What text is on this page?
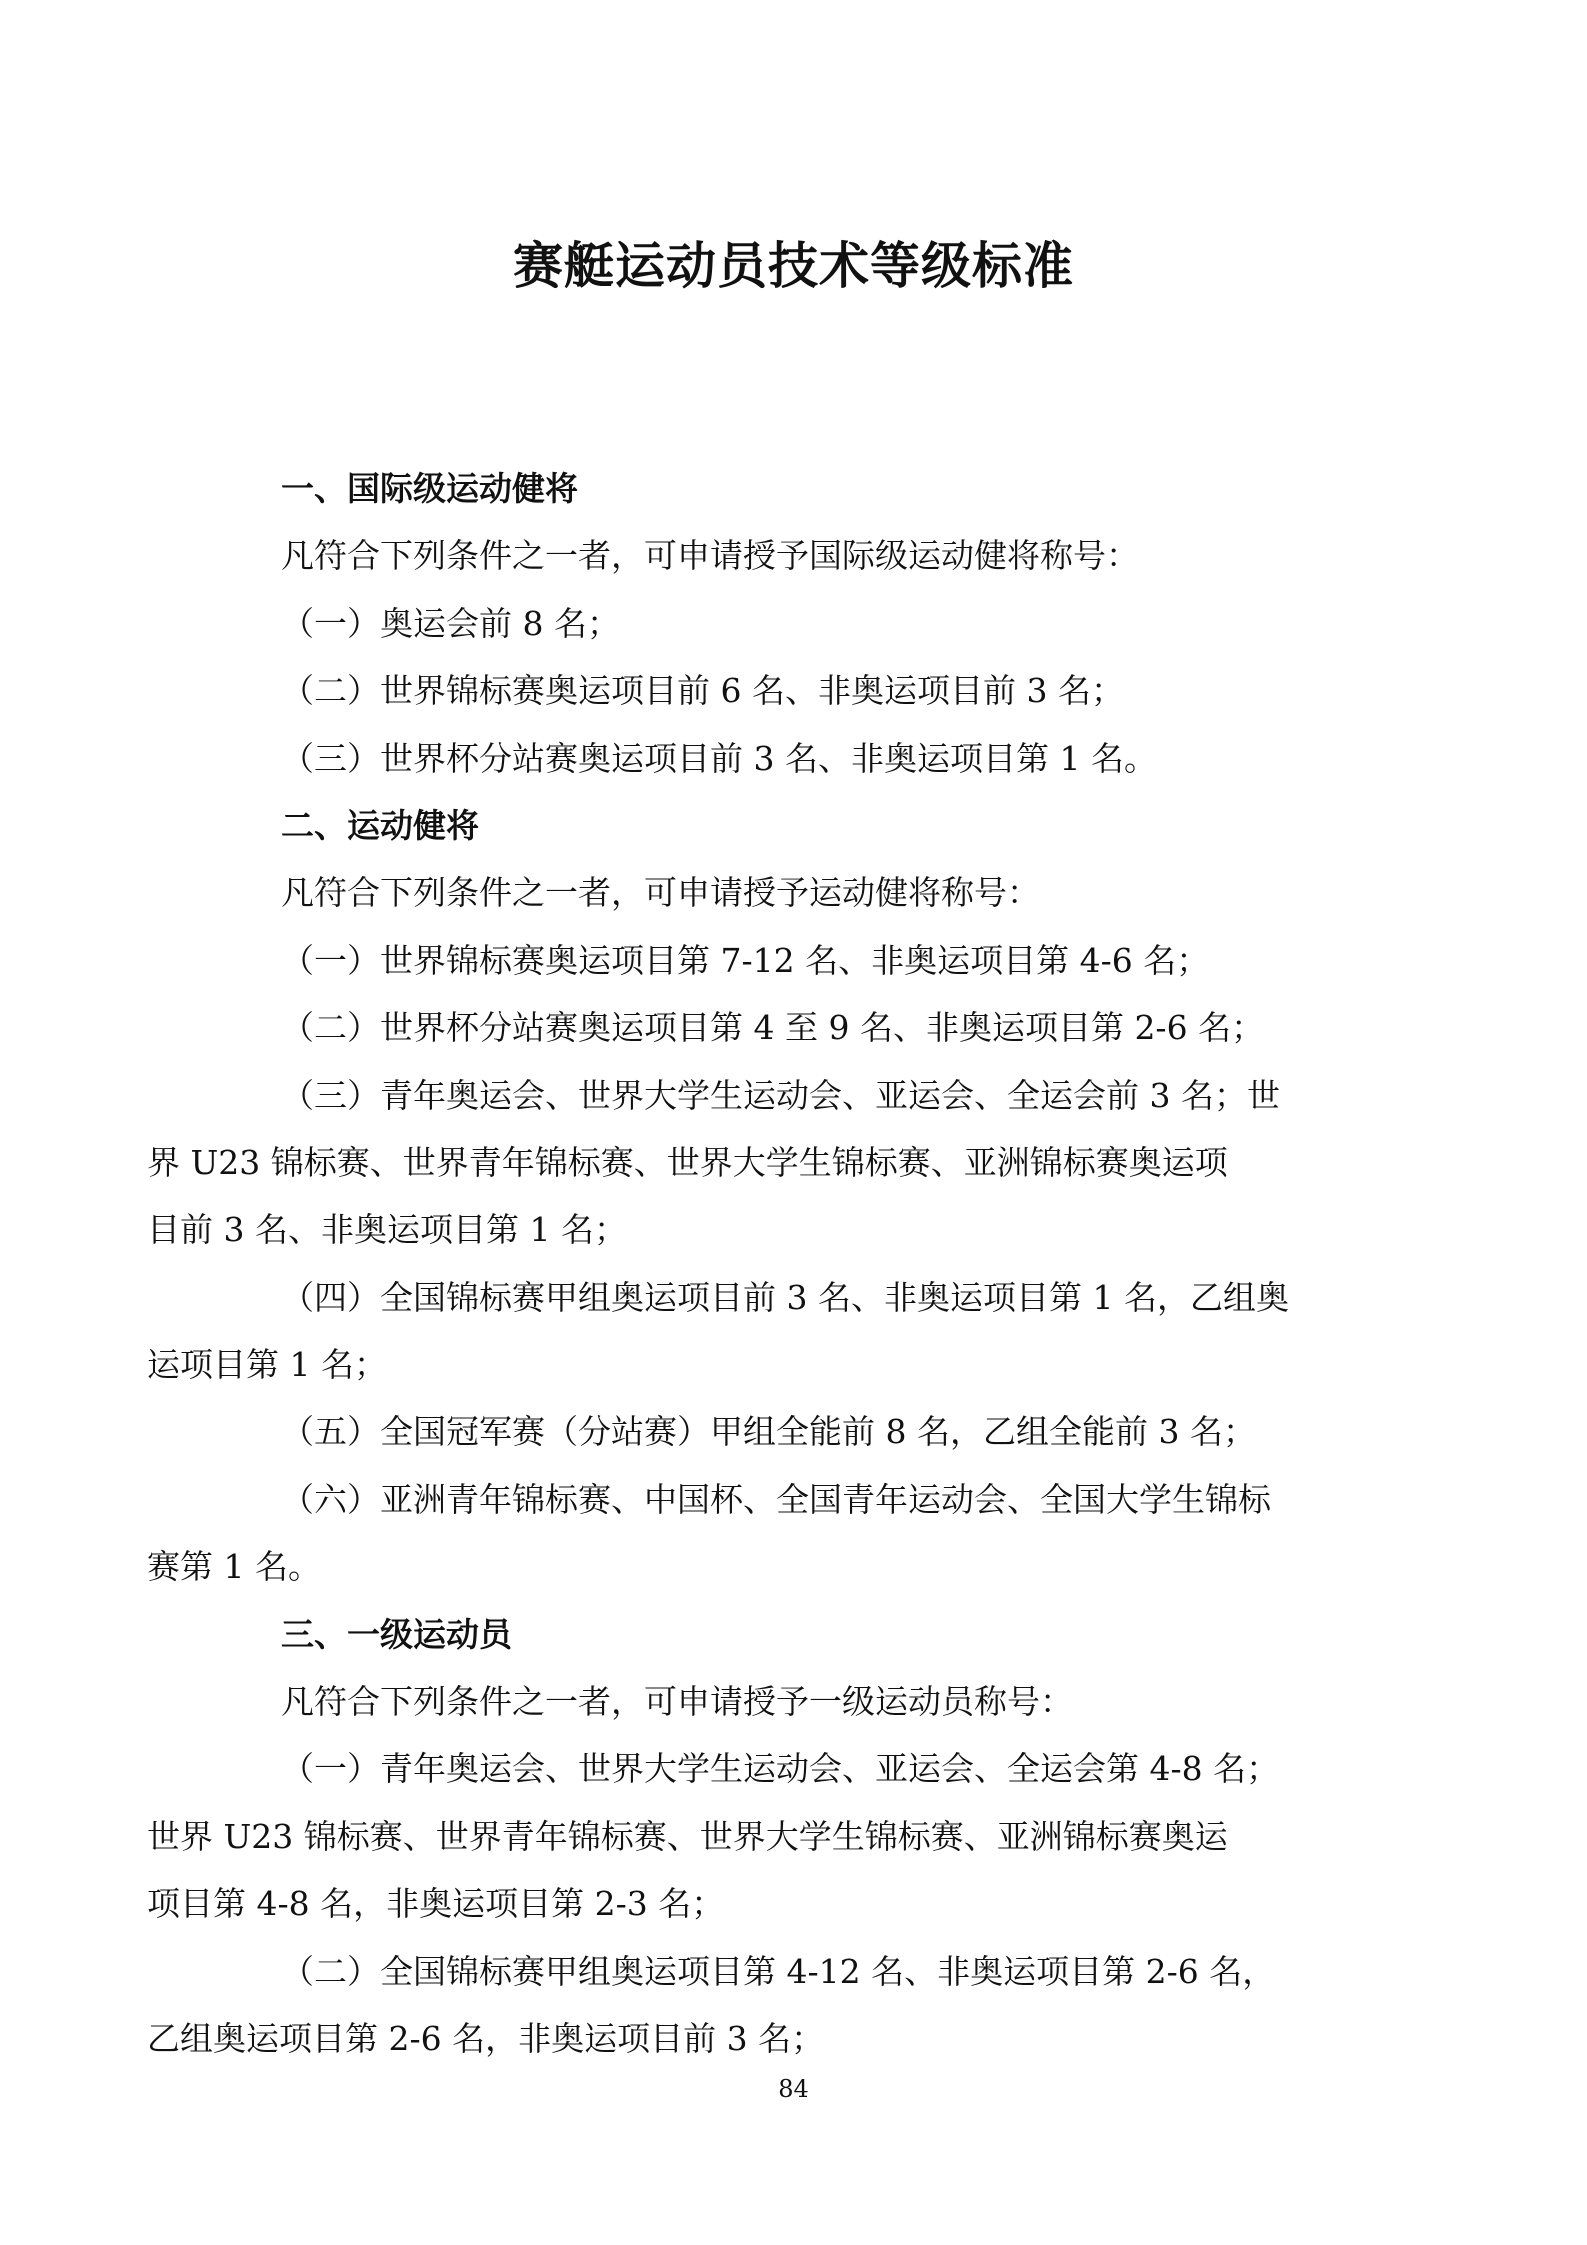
赛艇运动员技术等级标准
一、国际级运动健将
凡符合下列条件之一者，可申请授予国际级运动健将称号：
（一）奥运会前 8 名；
（二）世界锦标赛奥运项目前 6 名、非奥运项目前 3 名；
（三）世界杯分站赛奥运项目前 3 名、非奥运项目第 1 名。
二、运动健将
凡符合下列条件之一者，可申请授予运动健将称号：
（一）世界锦标赛奥运项目第 7-12 名、非奥运项目第 4-6 名；
（二）世界杯分站赛奥运项目第 4 至 9 名、非奥运项目第 2-6 名；
（三）青年奥运会、世界大学生运动会、亚运会、全运会前 3 名；世
界 U23 锦标赛、世界青年锦标赛、世界大学生锦标赛、亚洲锦标赛奥运项
目前 3 名、非奥运项目第 1 名；
（四）全国锦标赛甲组奥运项目前 3 名、非奥运项目第 1 名，乙组奥
运项目第 1 名；
（五）全国冠军赛（分站赛）甲组全能前 8 名，乙组全能前 3 名；
（六）亚洲青年锦标赛、中国杯、全国青年运动会、全国大学生锦标
赛第 1 名。
三、一级运动员
凡符合下列条件之一者，可申请授予一级运动员称号：
（一）青年奥运会、世界大学生运动会、亚运会、全运会第 4-8 名；
世界 U23 锦标赛、世界青年锦标赛、世界大学生锦标赛、亚洲锦标赛奥运
项目第 4-8 名，非奥运项目第 2-3 名；
（二）全国锦标赛甲组奥运项目第 4-12 名、非奥运项目第 2-6 名，
乙组奥运项目第 2-6 名，非奥运项目前 3 名；
84
